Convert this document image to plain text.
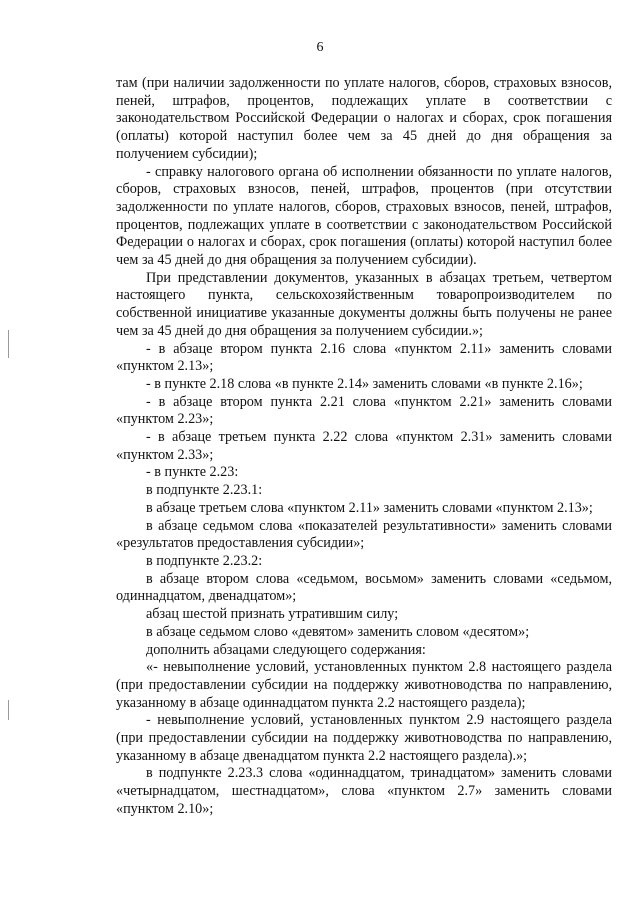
6

там (при наличии задолженности по уплате налогов, сборов, страховых взносов, пеней, штрафов, процентов, подлежащих уплате в соответствии с законодательством Российской Федерации о налогах и сборах, срок погашения (оплаты) которой наступил более чем за 45 дней до дня обращения за получением субсидии);

- справку налогового органа об исполнении обязанности по уплате налогов, сборов, страховых взносов, пеней, штрафов, процентов (при отсутствии задолженности по уплате налогов, сборов, страховых взносов, пеней, штрафов, процентов, подлежащих уплате в соответствии с законодательством Российской Федерации о налогах и сборах, срок погашения (оплаты) которой наступил более чем за 45 дней до дня обращения за получением субсидии).

При представлении документов, указанных в абзацах третьем, четвертом настоящего пункта, сельскохозяйственным товаропроизводителем по собственной инициативе указанные документы должны быть получены не ранее чем за 45 дней до дня обращения за получением субсидии.»;

- в абзаце втором пункта 2.16 слова «пунктом 2.11» заменить словами «пунктом 2.13»;

- в пункте 2.18 слова «в пункте 2.14» заменить словами «в пункте 2.16»;

- в абзаце втором пункта 2.21 слова «пунктом 2.21» заменить словами «пунктом 2.23»;

- в абзаце третьем пункта 2.22 слова «пунктом 2.31» заменить словами «пунктом 2.33»;

- в пункте 2.23:

в подпункте 2.23.1:

в абзаце третьем слова «пунктом 2.11» заменить словами «пунктом 2.13»;

в абзаце седьмом слова «показателей результативности» заменить словами «результатов предоставления субсидии»;

в подпункте 2.23.2:

в абзаце втором слова «седьмом, восьмом» заменить словами «седьмом, одиннадцатом, двенадцатом»;

абзац шестой признать утратившим силу;

в абзаце седьмом слово «девятом» заменить словом «десятом»;

дополнить абзацами следующего содержания:

«- невыполнение условий, установленных пунктом 2.8 настоящего раздела (при предоставлении субсидии на поддержку животноводства по направлению, указанному в абзаце одиннадцатом пункта 2.2 настоящего раздела);

- невыполнение условий, установленных пунктом 2.9 настоящего раздела (при предоставлении субсидии на поддержку животноводства по направлению, указанному в абзаце двенадцатом пункта 2.2 настоящего раздела).»;

в подпункте 2.23.3 слова «одиннадцатом, тринадцатом» заменить словами «четырнадцатом, шестнадцатом», слова «пунктом 2.7» заменить словами «пунктом 2.10»;
